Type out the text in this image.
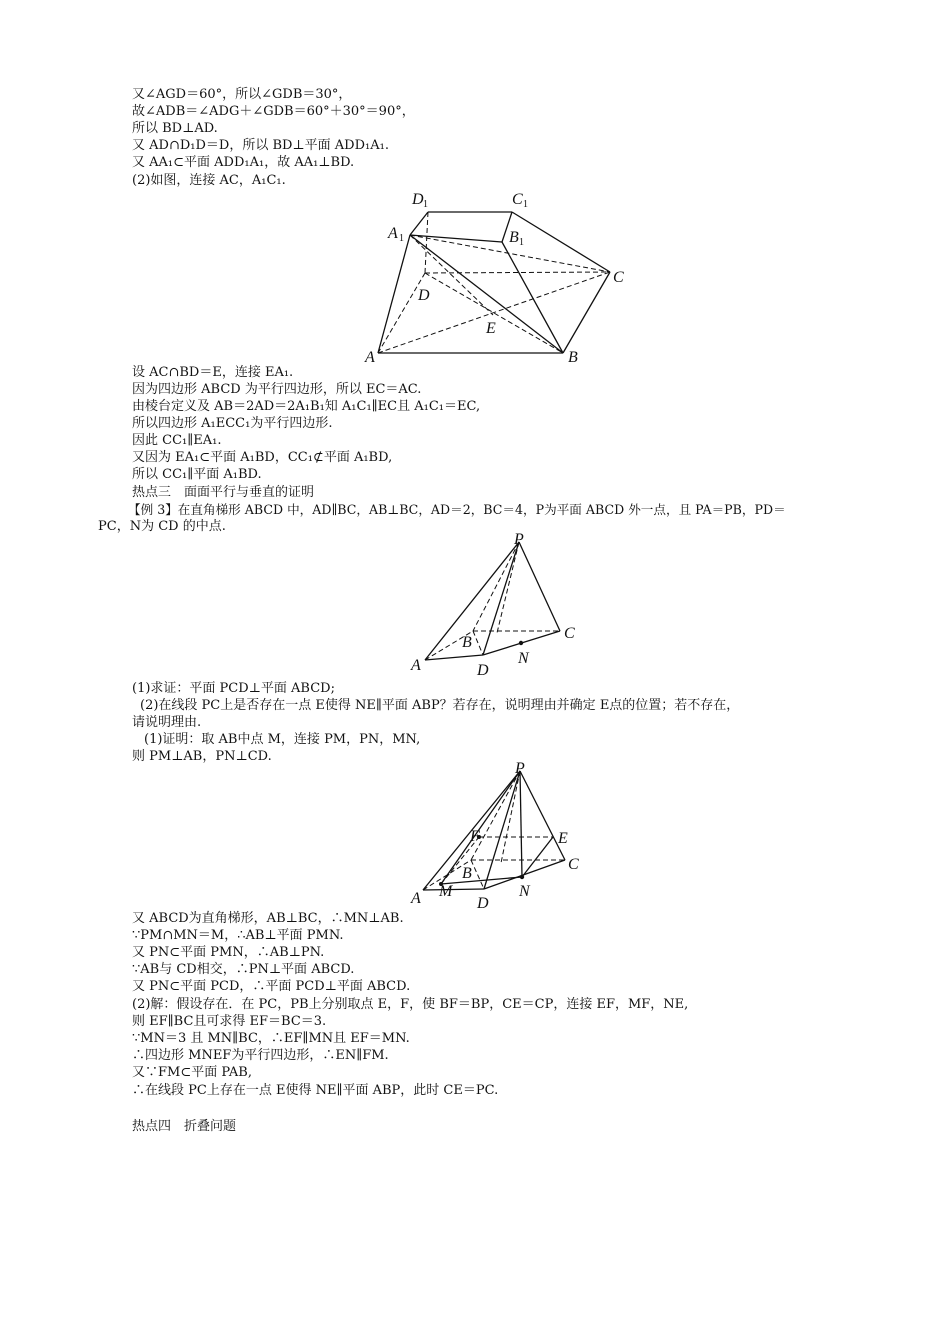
又∠AGD＝60°，所以∠GDB＝30°，
故∠ADB＝∠ADG＋∠GDB＝60°＋30°＝90°，
所以 BD⊥AD.
又 AD∩D₁D＝D，所以 BD⊥平面 ADD₁A₁.
又 AA₁⊂平面 ADD₁A₁，故 AA₁⊥BD.
(2)如图，连接 AC，A₁C₁.
D 1	C 1
A 1	B 1
C
D
E
A	B
设 AC∩BD＝E，连接 EA₁.
因为四边形 ABCD 为平行四边形，所以 EC＝AC.
由棱台定义及 AB＝2AD＝2A₁B₁知 A₁C₁∥EC且 A₁C₁＝EC,
所以四边形 A₁ECC₁为平行四边形.
因此 CC₁∥EA₁.
又因为 EA₁⊂平面 A₁BD，CC₁⊄平面 A₁BD,
所以 CC₁∥平面 A₁BD.
热点三　面面平行与垂直的证明
【例 3】在直角梯形 ABCD 中，AD∥BC，AB⊥BC，AD＝2，BC＝4，P为平面 ABCD 外一点，且 PA＝PB，PD＝
PC，N为 CD 的中点.
P
B
C
A	D
N
(1)求证：平面 PCD⊥平面 ABCD;
(2)在线段 PC上是否存在一点 E使得 NE∥平面 ABP？若存在，说明理由并确定 E点的位置；若不存在，
请说明理由.
(1)证明：取 AB中点 M，连接 PM，PN，MN,
则 PM⊥AB，PN⊥CD.
P
F	E
B
C
A M
D
N
又 ABCD为直角梯形，AB⊥BC，∴MN⊥AB.
∵PM∩MN＝M，∴AB⊥平面 PMN.
又 PN⊂平面 PMN，∴AB⊥PN.
∵AB与 CD相交，∴PN⊥平面 ABCD.
又 PN⊂平面 PCD，∴平面 PCD⊥平面 ABCD.
(2)解：假设存在．在 PC，PB上分别取点 E，F，使 BF＝BP，CE＝CP，连接 EF，MF，NE,
则 EF∥BC且可求得 EF＝BC＝3.
∵MN＝3 且 MN∥BC，∴EF∥MN且 EF＝MN.
∴四边形 MNEF为平行四边形，∴EN∥FM.
又∵FM⊂平面 PAB,
∴在线段 PC上存在一点 E使得 NE∥平面 ABP，此时 CE＝PC.
热点四　折叠问题
